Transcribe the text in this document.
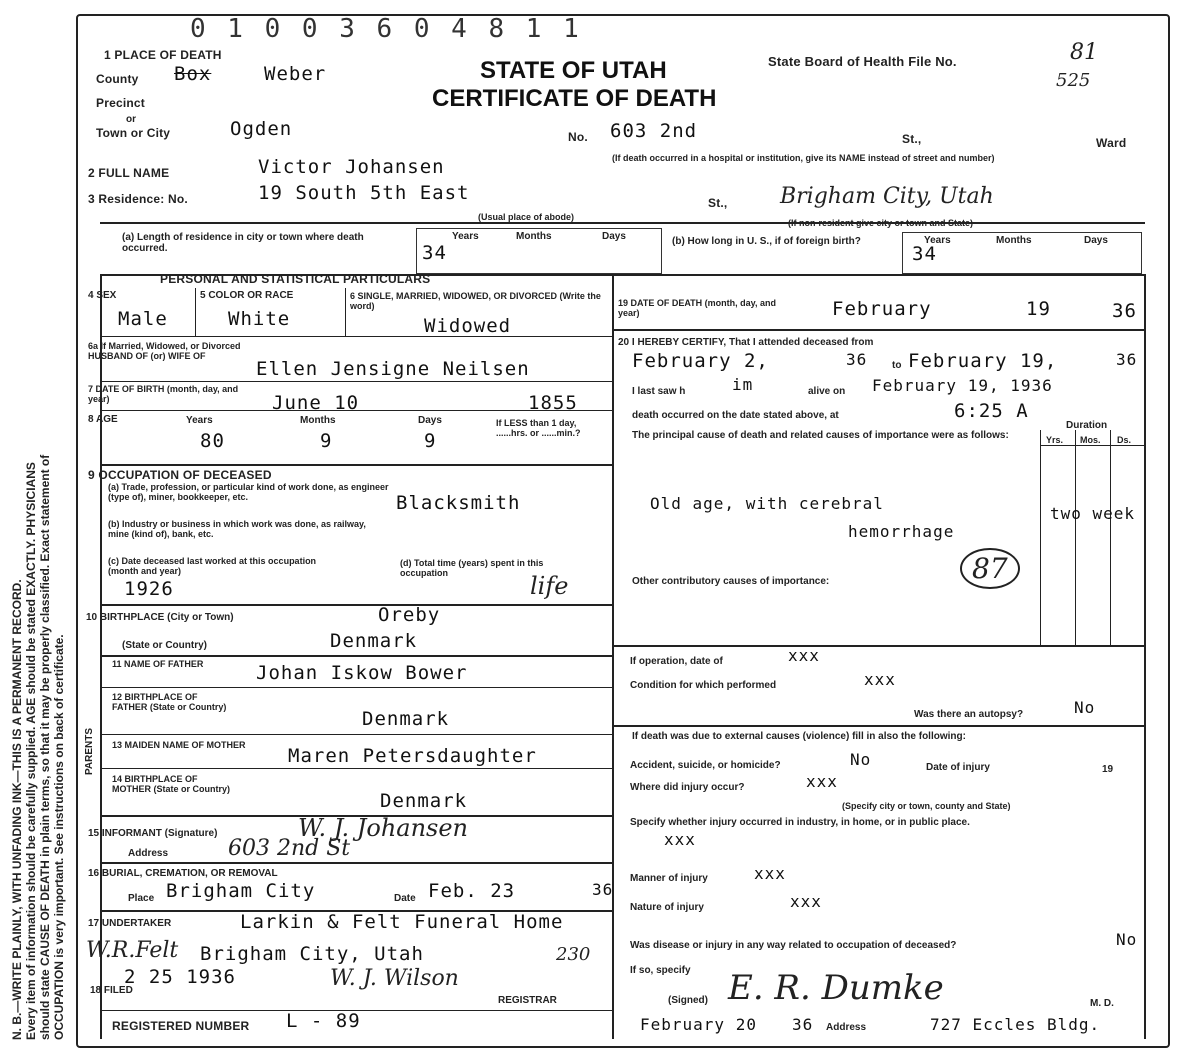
N. B.—WRITE PLAINLY, WITH UNFADING INK—THIS IS A PERMANENT RECORD. Every item of information should be carefully supplied. AGE should be stated EXACTLY. PHYSICIANS should state CAUSE OF DEATH in plain terms, so that it may be properly classified. Exact statement of OCCUPATION is very important. See instructions on back of certificate.
0 1 0 0 3 6 0 4 8 1 1
STATE OF UTAH
CERTIFICATE OF DEATH
State Board of Health File No.	81
525
1 PLACE OF DEATH
County Box	Weber
Precinct
or
Town or City	Ogden	No. 603 2nd	St.,	Ward
(If death occurred in a hospital or institution, give its NAME instead of street and number)
2 FULL NAME	Victor Johansen
3 Residence: No.	19 South 5th East	St., Brigham City, Utah
(Usual place of abode)
(If non-resident give city or town and State)
(a) Length of residence in city or town where death occurred.
Years	Months	Days
34
(b) How long in U. S., if of foreign birth?	Years	Months	Days
34
PERSONAL AND STATISTICAL PARTICULARS
4 SEX
Male
5 COLOR OR RACE
White
6 SINGLE, MARRIED, WIDOWED, OR DIVORCED (Write the word)
Widowed
6a If Married, Widowed, or Divorced HUSBAND OF (or) WIFE OF
Ellen Jensigne Neilsen
7 DATE OF BIRTH (month, day, and year)	June 10	1855
8 AGE	Years	Months	Days
80	9	9
If LESS than 1 day, ......hrs. or ......min.?
9 OCCUPATION OF DECEASED
(a) Trade, profession, or particular kind of work done, as engineer (type of), miner, bookkeeper, etc.	Blacksmith
(b) Industry or business in which work was done, as railway, mine (kind of), bank, etc.
(c) Date deceased last worked at this occupation (month and year)
1926
(d) Total time (years) spent in this occupation	life
10 BIRTHPLACE (City or Town)	Oreby
(State or Country)	Denmark
PARENTS
11 NAME OF FATHER	Johan Iskow Bower
12 BIRTHPLACE OF FATHER (State or Country)
Denmark
13 MAIDEN NAME OF MOTHER	Maren Petersdaughter
14 BIRTHPLACE OF MOTHER (State or Country)
Denmark
15 INFORMANT (Signature)	W. J. Johansen
Address	603 2nd St
16 BURIAL, CREMATION, OR REMOVAL
Place Brigham City	Date Feb. 23	36
17 UNDERTAKER	Larkin & Felt Funeral Home
W.R.Felt Brigham City, Utah	230
18 FILED
2 25 1936	W. J. Wilson
REGISTRAR
REGISTERED NUMBER L - 89
19 DATE OF DEATH (month, day, and year)	February	19	36
20 I HEREBY CERTIFY, That I attended deceased from
February 2,	36 to February 19,	36
I last saw h	im	alive on February 19, 1936
death occurred on the date stated above, at	6:25 A
The principal cause of death and related causes of importance were as follows:
Duration
Yrs. Mos. Ds.
Old age, with cerebral
hemorrhage
two week
87
Other contributory causes of importance:
If operation, date of	xxx
Condition for which performed	xxx
Was there an autopsy?	No
If death was due to external causes (violence) fill in also the following:
Accident, suicide, or homicide?	No	Date of injury	19
Where did injury occur?	xxx
(Specify city or town, county and State)
Specify whether injury occurred in industry, in home, or in public place.
xxx
Manner of injury	xxx
Nature of injury	xxx
Was disease or injury in any way related to occupation of deceased?	No
If so, specify
(Signed) E. R. Dumke	M. D.
February 20 36 Address	727 Eccles Bldg.
